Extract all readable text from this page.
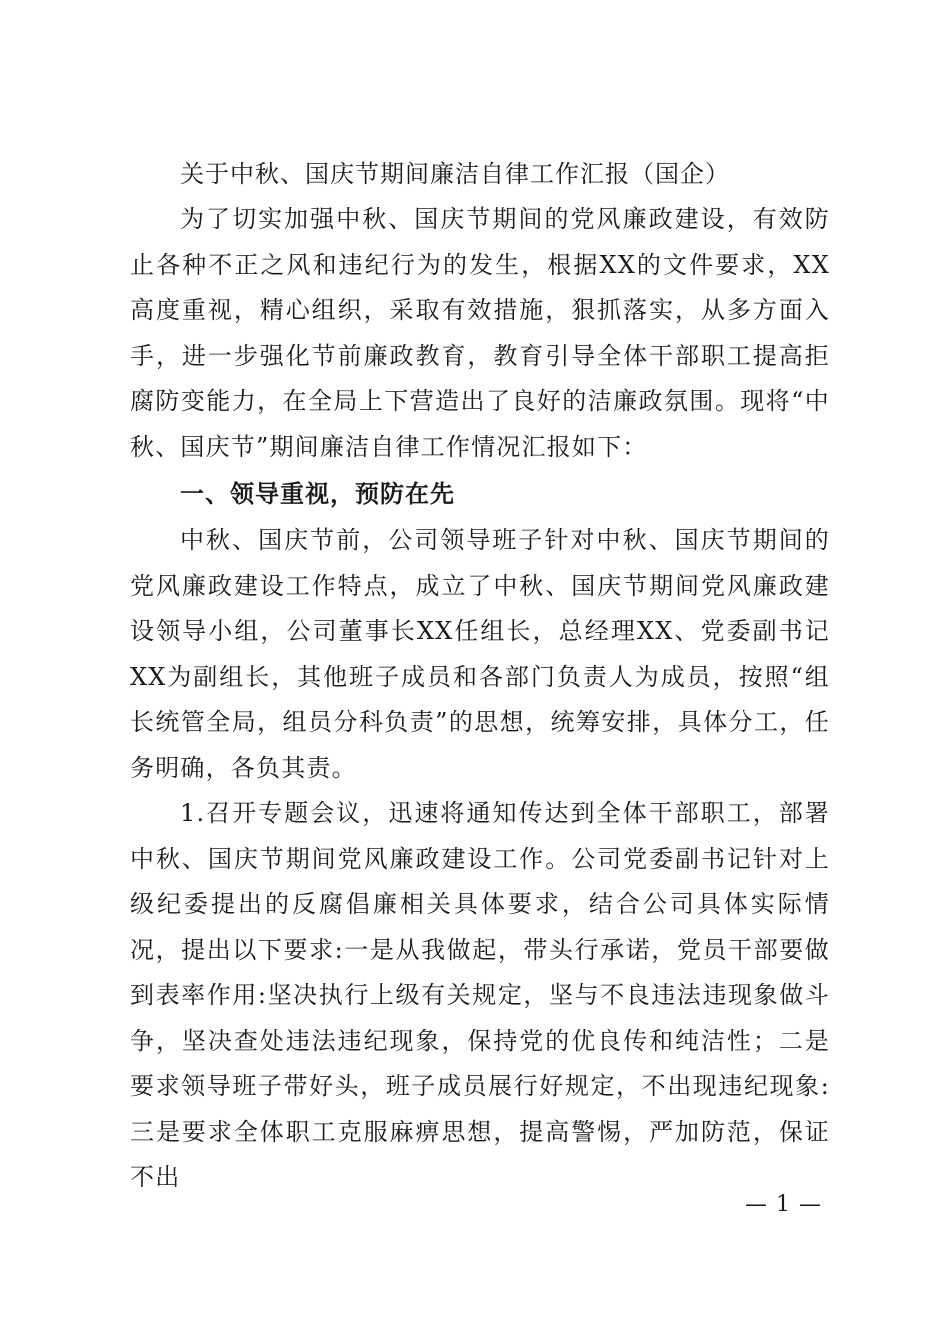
关于中秋、国庆节期间廉洁自律工作汇报（国企）

为了切实加强中秋、国庆节期间的党风廉政建设，有效防止各种不正之风和违纪行为的发生，根据XX的文件要求，XX高度重视，精心组织，采取有效措施，狠抓落实，从多方面入手，进一步强化节前廉政教育，教育引导全体干部职工提高拒腐防变能力，在全局上下营造出了良好的洁廉政氛围。现将“中秋、国庆节”期间廉洁自律工作情况汇报如下：

一、领导重视，预防在先

中秋、国庆节前，公司领导班子针对中秋、国庆节期间的党风廉政建设工作特点，成立了中秋、国庆节期间党风廉政建设领导小组，公司董事长XX任组长，总经理XX、党委副书记XX为副组长，其他班子成员和各部门负责人为成员，按照“组长统管全局，组员分科负责”的思想，统筹安排，具体分工，任务明确，各负其责。

1.召开专题会议，迅速将通知传达到全体干部职工，部署中秋、国庆节期间党风廉政建设工作。公司党委副书记针对上级纪委提出的反腐倡廉相关具体要求，结合公司具体实际情况，提出以下要求:一是从我做起，带头行承诺，党员干部要做到表率作用:坚决执行上级有关规定，坚与不良违法违现象做斗争，坚决查处违法违纪现象，保持党的优良传和纯洁性；二是要求领导班子带好头，班子成员展行好规定，不出现违纪现象:三是要求全体职工克服麻痹思想，提高警惕，严加防范，保证不出

— 1 —
